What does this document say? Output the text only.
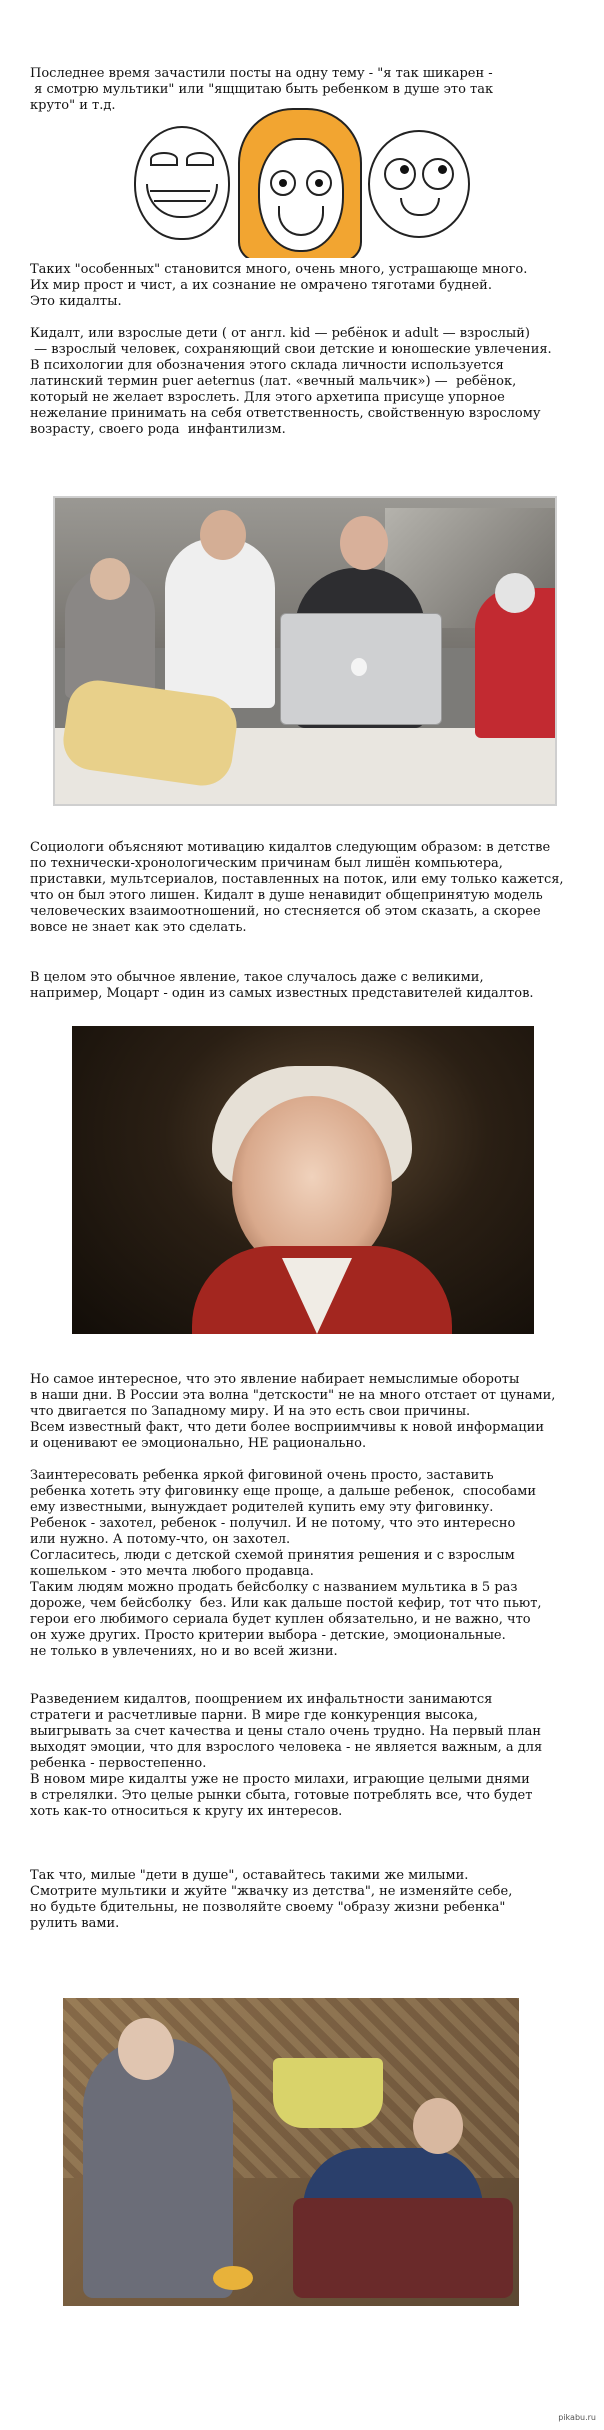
Последнее время зачастили посты на одну тему - "я так шикарен -
я смотрю мультики" или "ящщитаю быть ребенком в душе это так
круто" и т.д.

Таких "особенных" становится много, очень много, устрашающе много.
Их мир прост и чист, а их сознание не омрачено тяготами будней.
Это кидалты.

Кидалт, или взрослые дети ( от англ. kid — ребёнок и adult — взрослый)
— взрослый человек, сохраняющий свои детские и юношеские увлечения.
В психологии для обозначения этого склада личности используется
латинский термин puer aeternus (лат. «вечный мальчик») —  ребёнок,
который не желает взрослеть. Для этого архетипа присуще упорное
нежелание принимать на себя ответственность, свойственную взрослому
возрасту, своего рода  инфантилизм.

Социологи объясняют мотивацию кидалтов следующим образом: в детстве
по технически-хронологическим причинам был лишён компьютера,
приставки, мультсериалов, поставленных на поток, или ему только кажется,
что он был этого лишен. Кидалт в душе ненавидит общепринятую модель
человеческих взаимоотношений, но стесняется об этом сказать, а скорее
вовсе не знает как это сделать.

В целом это обычное явление, такое случалось даже с великими,
например, Моцарт - один из самых известных представителей кидалтов.

Но самое интересное, что это явление набирает немыслимые обороты
в наши дни. В России эта волна "детскости" не на много отстает от цунами,
что двигается по Западному миру. И на это есть свои причины.
Всем известный факт, что дети более восприимчивы к новой информации
и оценивают ее эмоционально, НЕ рационально.

Заинтересовать ребенка яркой фиговиной очень просто, заставить
ребенка хотеть эту фиговинку еще проще, а дальше ребенок,  способами
ему известными, вынуждает родителей купить ему эту фиговинку.
Ребенок - захотел, ребенок - получил. И не потому, что это интересно
или нужно. А потому-что, он захотел.
Согласитесь, люди с детской схемой принятия решения и с взрослым
кошельком - это мечта любого продавца.
Таким людям можно продать бейсболку с названием мультика в 5 раз
дороже, чем бейсболку  без. Или как дальше постой кефир, тот что пьют,
герои его любимого сериала будет куплен обязательно, и не важно, что
он хуже других. Просто критерии выбора - детские, эмоциональные.
не только в увлечениях, но и во всей жизни.

Разведением кидалтов, поощрением их инфальтности занимаются
стратеги и расчетливые парни. В мире где конкуренция высока,
выигрывать за счет качества и цены стало очень трудно. На первый план
выходят эмоции, что для взрослого человека - не является важным, а для
ребенка - первостепенно.
В новом мире кидалты уже не просто милахи, играющие целыми днями
в стрелялки. Это целые рынки сбыта, готовые потреблять все, что будет
хоть как-то относиться к кругу их интересов.

Так что, милые "дети в душе", оставайтесь такими же милыми.
Смотрите мультики и жуйте "жвачку из детства", не изменяйте себе,
но будьте бдительны, не позволяйте своему "образу жизни ребенка"
рулить вами.

pikabu.ru
